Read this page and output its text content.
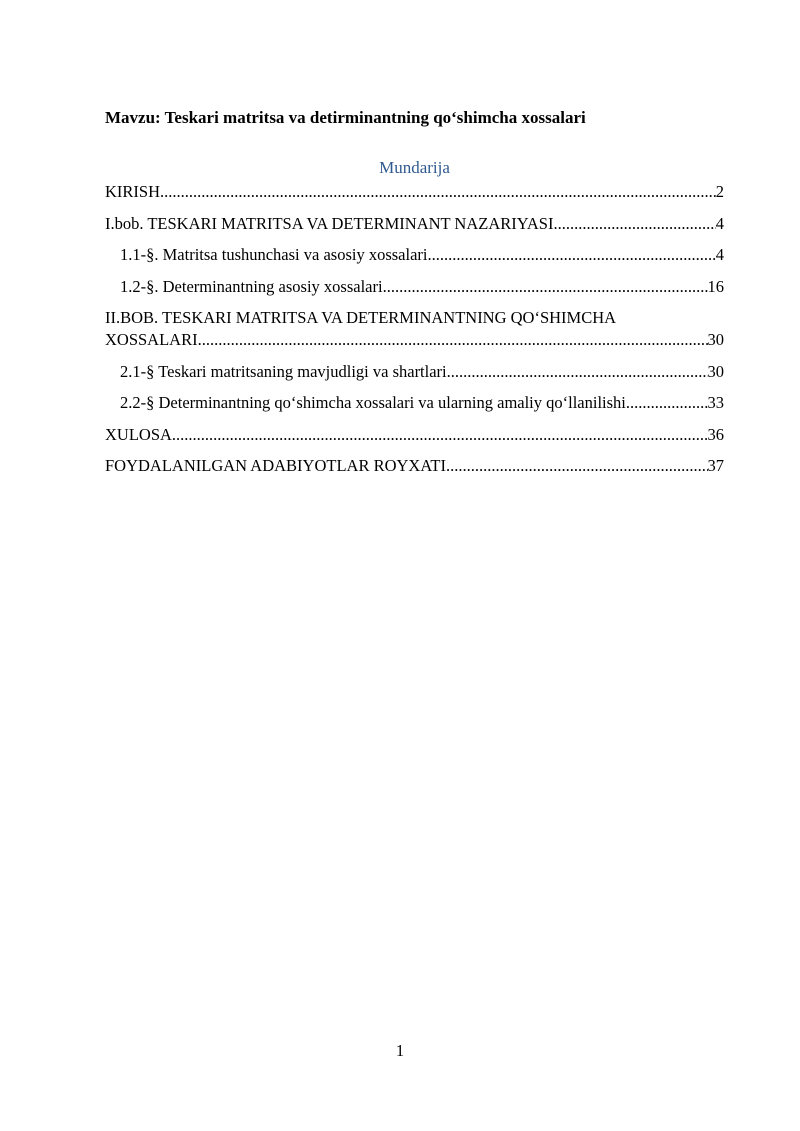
Mavzu: Teskari matritsa va detirminantning qo‘shimcha xossalari
Mundarija
KIRISH .....	2
I.bob. TESKARI MATRITSA VA DETERMINANT NAZARIYASI .....	4
1.1-§. Matritsa tushunchasi va asosiy xossalari .....	4
1.2-§. Determinantning asosiy xossalari .....	16
II.BOB. TESKARI MATRITSA VA DETERMINANTNING QO‘SHIMCHA
XOSSALARI .....	30
2.1-§ Teskari matritsaning mavjudligi va shartlari .....	30
2.2-§ Determinantning qo‘shimcha xossalari va ularning amaliy qo‘llanilishi .....	33
XULOSA .....	36
FOYDALANILGAN ADABIYOTLAR ROYXATI .....	37
1
